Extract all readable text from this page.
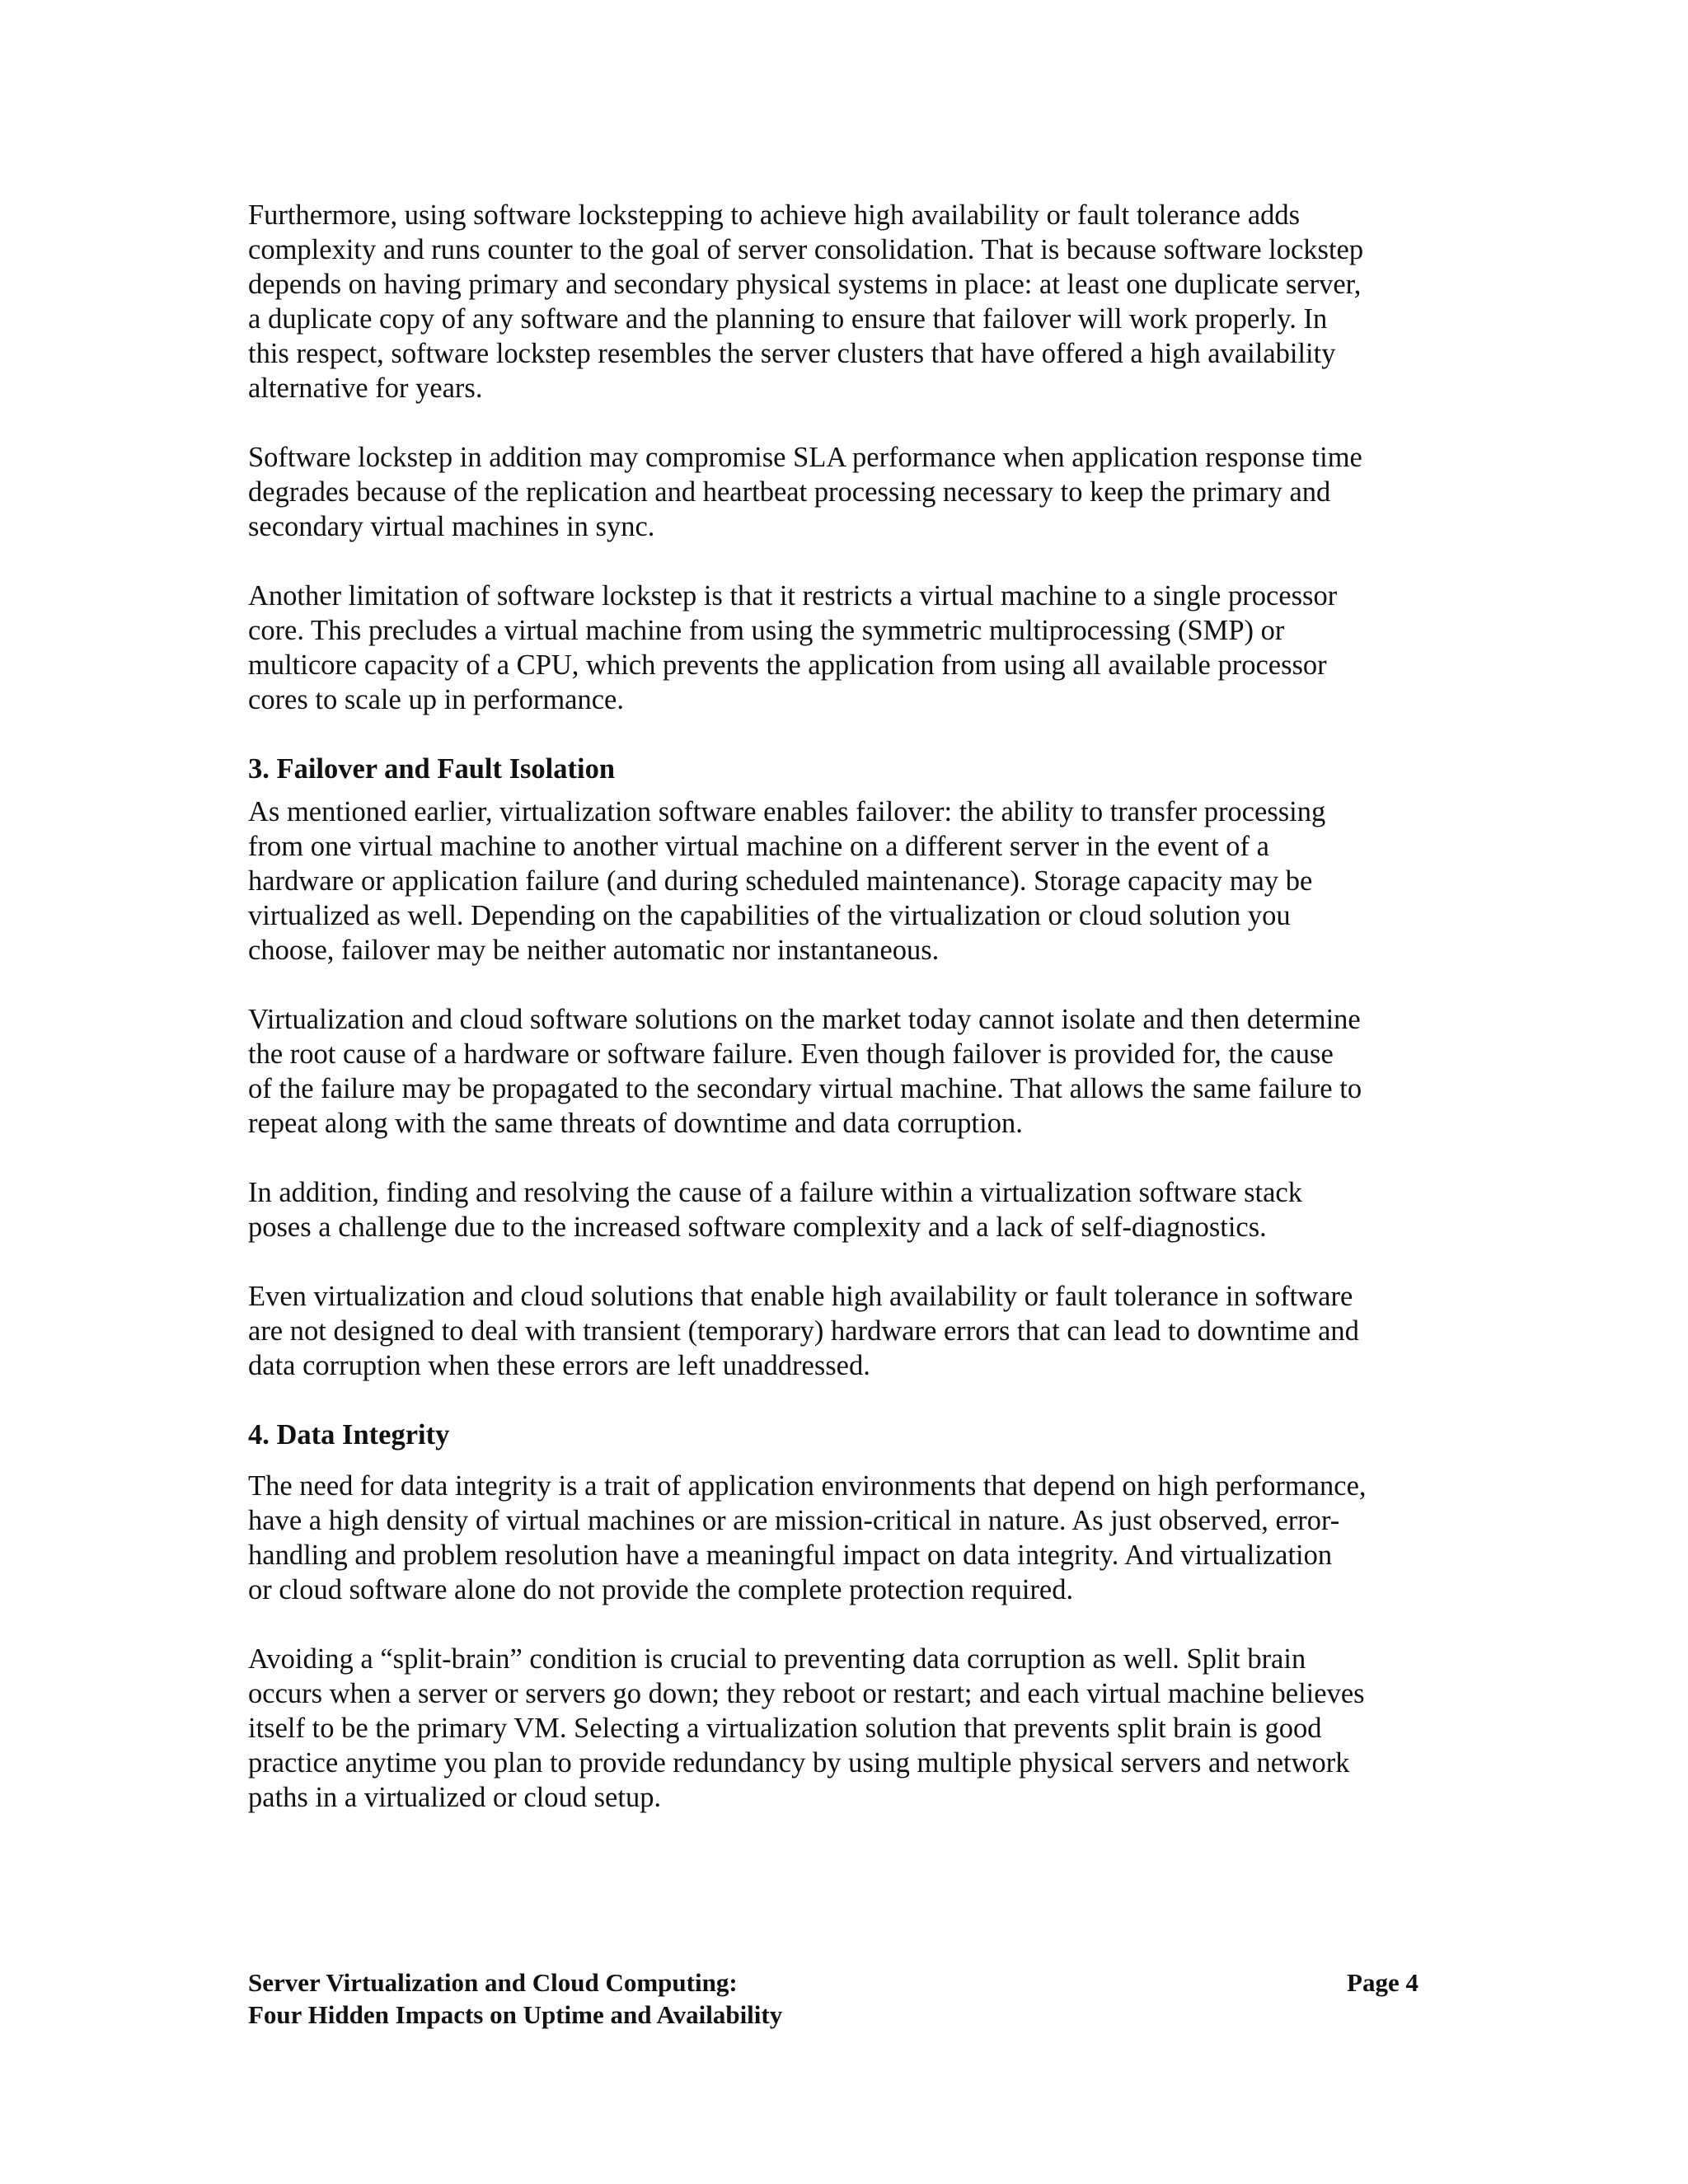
Furthermore, using software lockstepping to achieve high availability or fault tolerance adds
complexity and runs counter to the goal of server consolidation. That is because software lockstep
depends on having primary and secondary physical systems in place: at least one duplicate server,
a duplicate copy of any software and the planning to ensure that failover will work properly. In
this respect, software lockstep resembles the server clusters that have offered a high availability
alternative for years.

Software lockstep in addition may compromise SLA performance when application response time
degrades because of the replication and heartbeat processing necessary to keep the primary and
secondary virtual machines in sync.

Another limitation of software lockstep is that it restricts a virtual machine to a single processor
core. This precludes a virtual machine from using the symmetric multiprocessing (SMP) or
multicore capacity of a CPU, which prevents the application from using all available processor
cores to scale up in performance.

3. Failover and Fault Isolation

As mentioned earlier, virtualization software enables failover: the ability to transfer processing
from one virtual machine to another virtual machine on a different server in the event of a
hardware or application failure (and during scheduled maintenance). Storage capacity may be
virtualized as well. Depending on the capabilities of the virtualization or cloud solution you
choose, failover may be neither automatic nor instantaneous.

Virtualization and cloud software solutions on the market today cannot isolate and then determine
the root cause of a hardware or software failure. Even though failover is provided for, the cause
of the failure may be propagated to the secondary virtual machine. That allows the same failure to
repeat along with the same threats of downtime and data corruption.

In addition, finding and resolving the cause of a failure within a virtualization software stack
poses a challenge due to the increased software complexity and a lack of self-diagnostics.

Even virtualization and cloud solutions that enable high availability or fault tolerance in software
are not designed to deal with transient (temporary) hardware errors that can lead to downtime and
data corruption when these errors are left unaddressed.

4. Data Integrity

The need for data integrity is a trait of application environments that depend on high performance,
have a high density of virtual machines or are mission-critical in nature. As just observed, error-
handling and problem resolution have a meaningful impact on data integrity. And virtualization
or cloud software alone do not provide the complete protection required.

Avoiding a “split-brain” condition is crucial to preventing data corruption as well. Split brain
occurs when a server or servers go down; they reboot or restart; and each virtual machine believes
itself to be the primary VM. Selecting a virtualization solution that prevents split brain is good
practice anytime you plan to provide redundancy by using multiple physical servers and network
paths in a virtualized or cloud setup.

Server Virtualization and Cloud Computing:
Four Hidden Impacts on Uptime and Availability
Page 4
